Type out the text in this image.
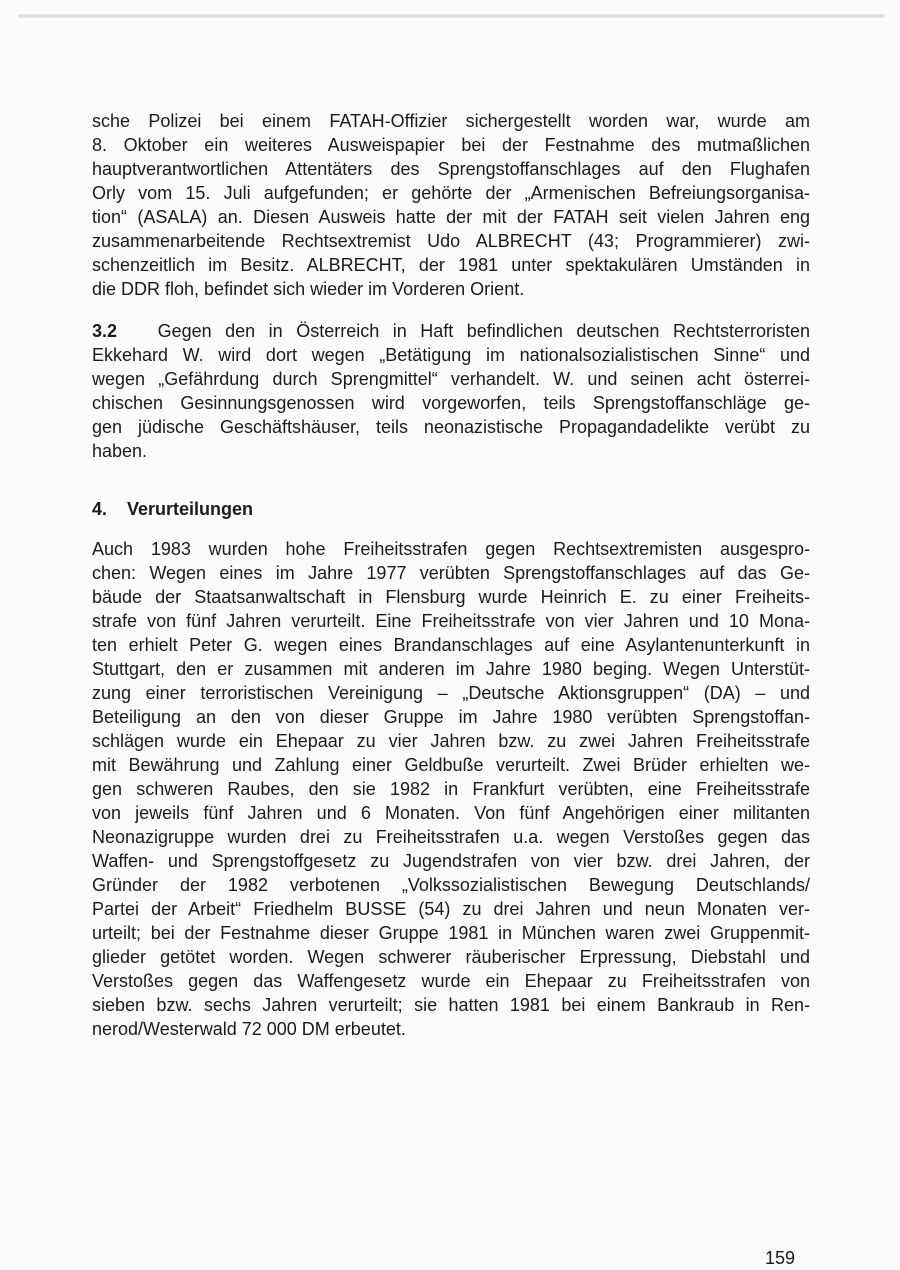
sche Polizei bei einem FATAH-Offizier sichergestellt worden war, wurde am
8. Oktober ein weiteres Ausweispapier bei der Festnahme des mutmaßlichen
hauptverantwortlichen Attentäters des Sprengstoffanschlages auf den Flughafen
Orly vom 15. Juli aufgefunden; er gehörte der „Armenischen Befreiungsorganisa-
tion“ (ASALA) an. Diesen Ausweis hatte der mit der FATAH seit vielen Jahren eng
zusammenarbeitende Rechtsextremist Udo ALBRECHT (43; Programmierer) zwi-
schenzeitlich im Besitz. ALBRECHT, der 1981 unter spektakulären Umständen in
die DDR floh, befindet sich wieder im Vorderen Orient.
3.2 Gegen den in Österreich in Haft befindlichen deutschen Rechtsterroristen
Ekkehard W. wird dort wegen „Betätigung im nationalsozialistischen Sinne“ und
wegen „Gefährdung durch Sprengmittel“ verhandelt. W. und seinen acht österrei-
chischen Gesinnungsgenossen wird vorgeworfen, teils Sprengstoffanschläge ge-
gen jüdische Geschäftshäuser, teils neonazistische Propagandadelikte verübt zu
haben.
4. Verurteilungen
Auch 1983 wurden hohe Freiheitsstrafen gegen Rechtsextremisten ausgespro-
chen: Wegen eines im Jahre 1977 verübten Sprengstoffanschlages auf das Ge-
bäude der Staatsanwaltschaft in Flensburg wurde Heinrich E. zu einer Freiheits-
strafe von fünf Jahren verurteilt. Eine Freiheitsstrafe von vier Jahren und 10 Mona-
ten erhielt Peter G. wegen eines Brandanschlages auf eine Asylantenunterkunft in
Stuttgart, den er zusammen mit anderen im Jahre 1980 beging. Wegen Unterstüt-
zung einer terroristischen Vereinigung – „Deutsche Aktionsgruppen“ (DA) – und
Beteiligung an den von dieser Gruppe im Jahre 1980 verübten Sprengstoffan-
schlägen wurde ein Ehepaar zu vier Jahren bzw. zu zwei Jahren Freiheitsstrafe
mit Bewährung und Zahlung einer Geldbuße verurteilt. Zwei Brüder erhielten we-
gen schweren Raubes, den sie 1982 in Frankfurt verübten, eine Freiheitsstrafe
von jeweils fünf Jahren und 6 Monaten. Von fünf Angehörigen einer militanten
Neonazigruppe wurden drei zu Freiheitsstrafen u.a. wegen Verstoßes gegen das
Waffen- und Sprengstoffgesetz zu Jugendstrafen von vier bzw. drei Jahren, der
Gründer der 1982 verbotenen „Volkssozialistischen Bewegung Deutschlands/
Partei der Arbeit“ Friedhelm BUSSE (54) zu drei Jahren und neun Monaten ver-
urteilt; bei der Festnahme dieser Gruppe 1981 in München waren zwei Gruppenmit-
glieder getötet worden. Wegen schwerer räuberischer Erpressung, Diebstahl und
Verstoßes gegen das Waffengesetz wurde ein Ehepaar zu Freiheitsstrafen von
sieben bzw. sechs Jahren verurteilt; sie hatten 1981 bei einem Bankraub in Ren-
nerod/Westerwald 72 000 DM erbeutet.
159
